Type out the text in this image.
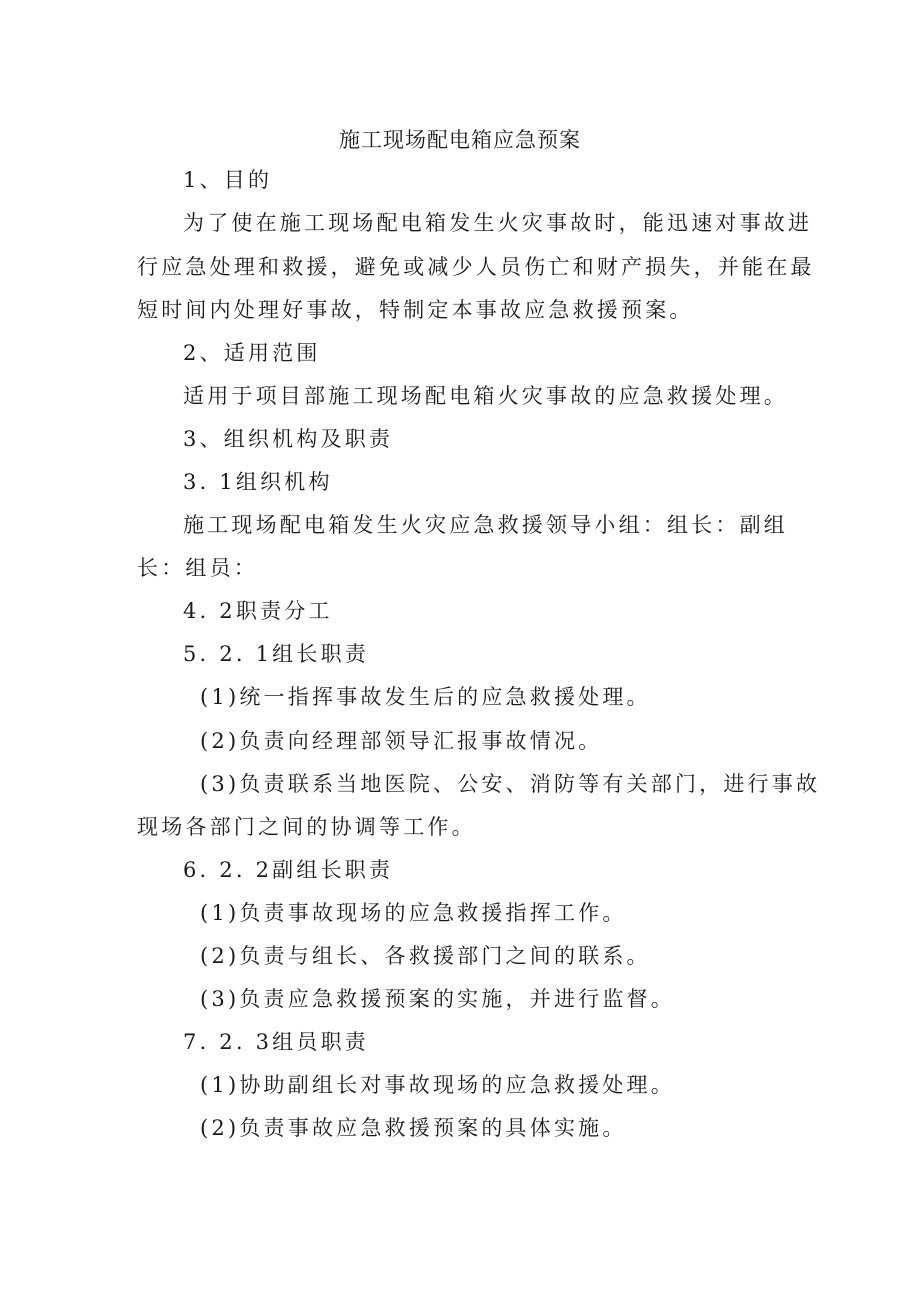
施工现场配电箱应急预案
1、目的
为了使在施工现场配电箱发生火灾事故时，能迅速对事故进
行应急处理和救援，避免或减少人员伤亡和财产损失，并能在最
短时间内处理好事故，特制定本事故应急救援预案。
2、适用范围
适用于项目部施工现场配电箱火灾事故的应急救援处理。
3、组织机构及职责
3. 1组织机构
施工现场配电箱发生火灾应急救援领导小组：组长：副组
长：组员：
4. 2职责分工
5. 2. 1组长职责
(1)统一指挥事故发生后的应急救援处理。
(2)负责向经理部领导汇报事故情况。
(3)负责联系当地医院、公安、消防等有关部门，进行事故
现场各部门之间的协调等工作。
6. 2. 2副组长职责
(1)负责事故现场的应急救援指挥工作。
(2)负责与组长、各救援部门之间的联系。
(3)负责应急救援预案的实施，并进行监督。
7. 2. 3组员职责
(1)协助副组长对事故现场的应急救援处理。
(2)负责事故应急救援预案的具体实施。
